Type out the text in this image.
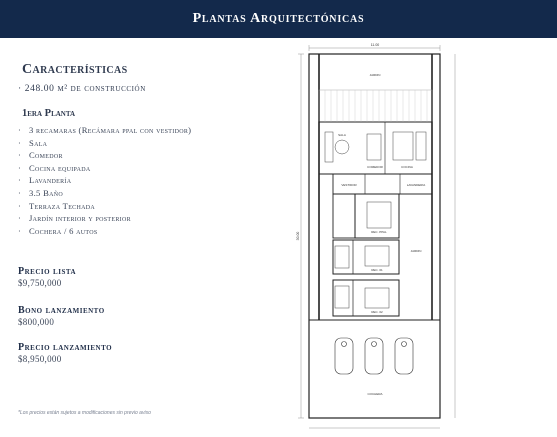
Plantas Arquitectónicas
Características
· 248.00 m² de construcción
1era Planta
· 3 recamaras (Recámara ppal con vestidor)
· Sala
· Comedor
· Cocina equipada
· Lavandería
· 3.5 Baño
· Terraza Techada
· Jardín interior y posterior
· Cochera / 6 autos
Precio lista
$9,750,000
Bono lanzamiento
$800,000
Precio lanzamiento
$8,950,000
*Los precios están sujetos a modificaciones sin previo aviso
11.00
30.00
JARDIN
SALA
COMEDOR	COCINA
VESTIDOR	LAVANDERIA
REC. PPAL
JARDIN
REC. 01
REC. 02
COCHERA
